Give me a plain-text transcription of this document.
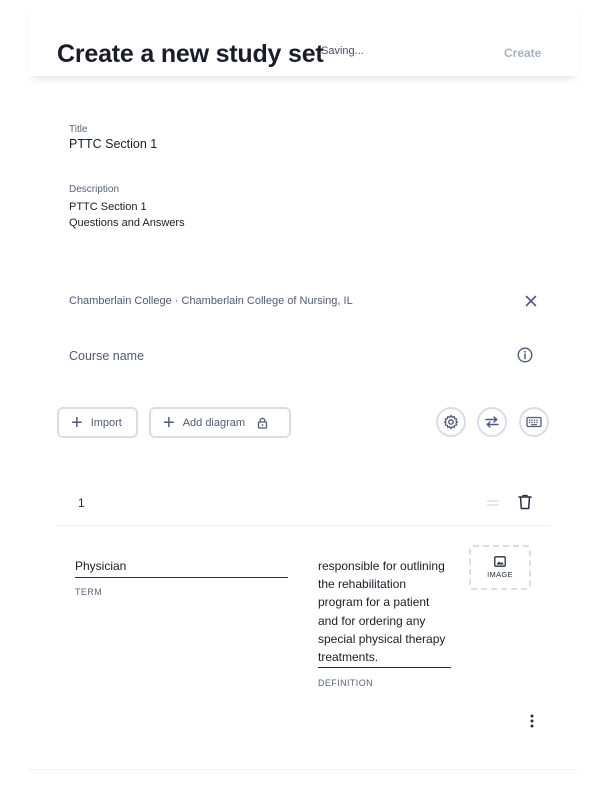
Create a new study set
Saving...	Create
Title
PTTC Section 1
Description
PTTC Section 1
Questions and Answers
Chamberlain College · Chamberlain College of Nursing, IL
Course name
+ Import + Add diagram
1
Physician
TERM
responsible for outlining the rehabilitation program for a patient and for ordering any special physical therapy treatments.
DEFINITION
IMAGE
